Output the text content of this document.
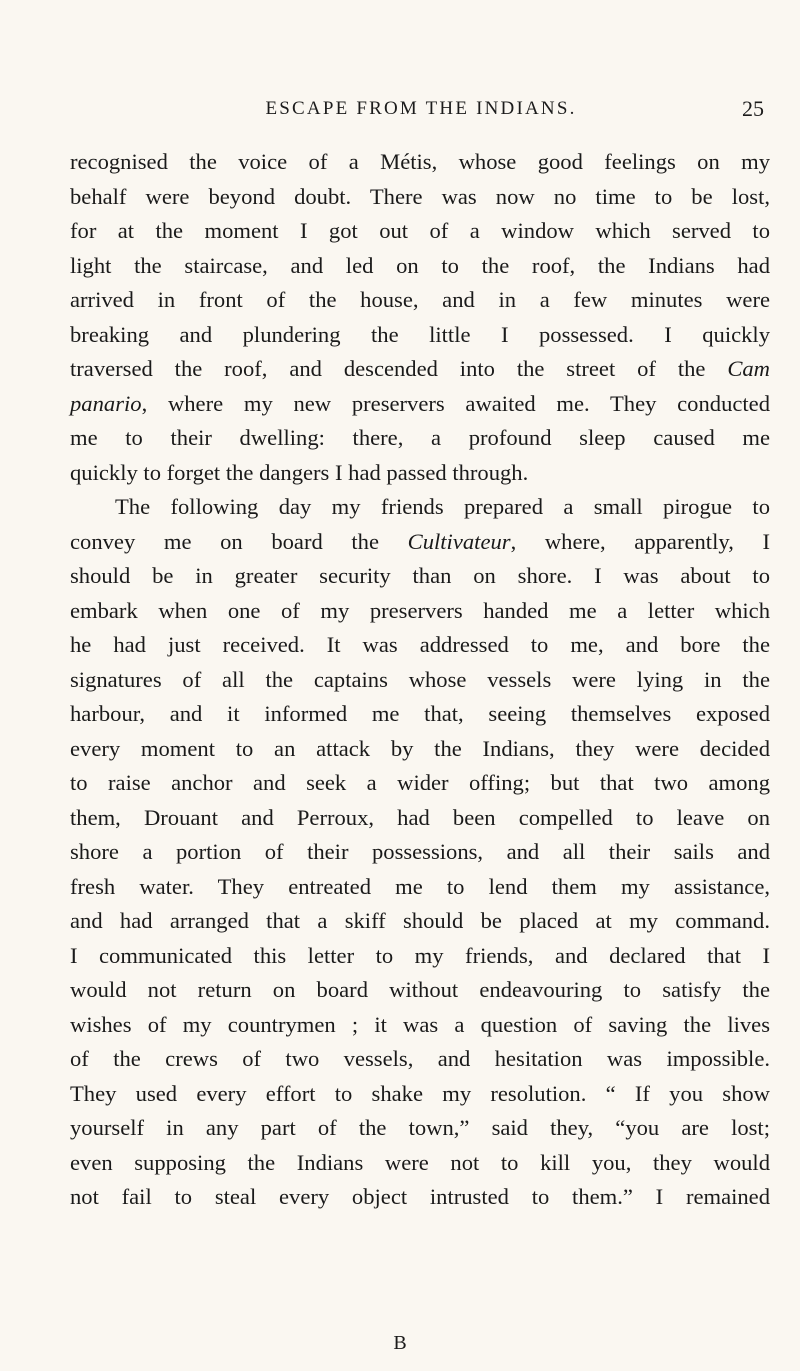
ESCAPE FROM THE INDIANS.	25
recognised the voice of a Métis, whose good feelings on my
behalf were beyond doubt. There was now no time to be lost,
for at the moment I got out of a window which served to
light the staircase, and led on to the roof, the Indians had
arrived in front of the house, and in a few minutes were
breaking and plundering the little I possessed. I quickly
traversed the roof, and descended into the street of the Cam
panario, where my new preservers awaited me. They conducted
me to their dwelling: there, a profound sleep caused me
quickly to forget the dangers I had passed through.
The following day my friends prepared a small pirogue to
convey me on board the Cultivateur, where, apparently, I
should be in greater security than on shore. I was about to
embark when one of my preservers handed me a letter which
he had just received. It was addressed to me, and bore the
signatures of all the captains whose vessels were lying in the
harbour, and it informed me that, seeing themselves exposed
every moment to an attack by the Indians, they were decided
to raise anchor and seek a wider offing; but that two among
them, Drouant and Perroux, had been compelled to leave on
shore a portion of their possessions, and all their sails and
fresh water. They entreated me to lend them my assistance,
and had arranged that a skiff should be placed at my command.
I communicated this letter to my friends, and declared that I
would not return on board without endeavouring to satisfy the
wishes of my countrymen ; it was a question of saving the lives
of the crews of two vessels, and hesitation was impossible.
They used every effort to shake my resolution. “ If you show
yourself in any part of the town,” said they, “you are lost;
even supposing the Indians were not to kill you, they would
not fail to steal every object intrusted to them.” I remained
B
